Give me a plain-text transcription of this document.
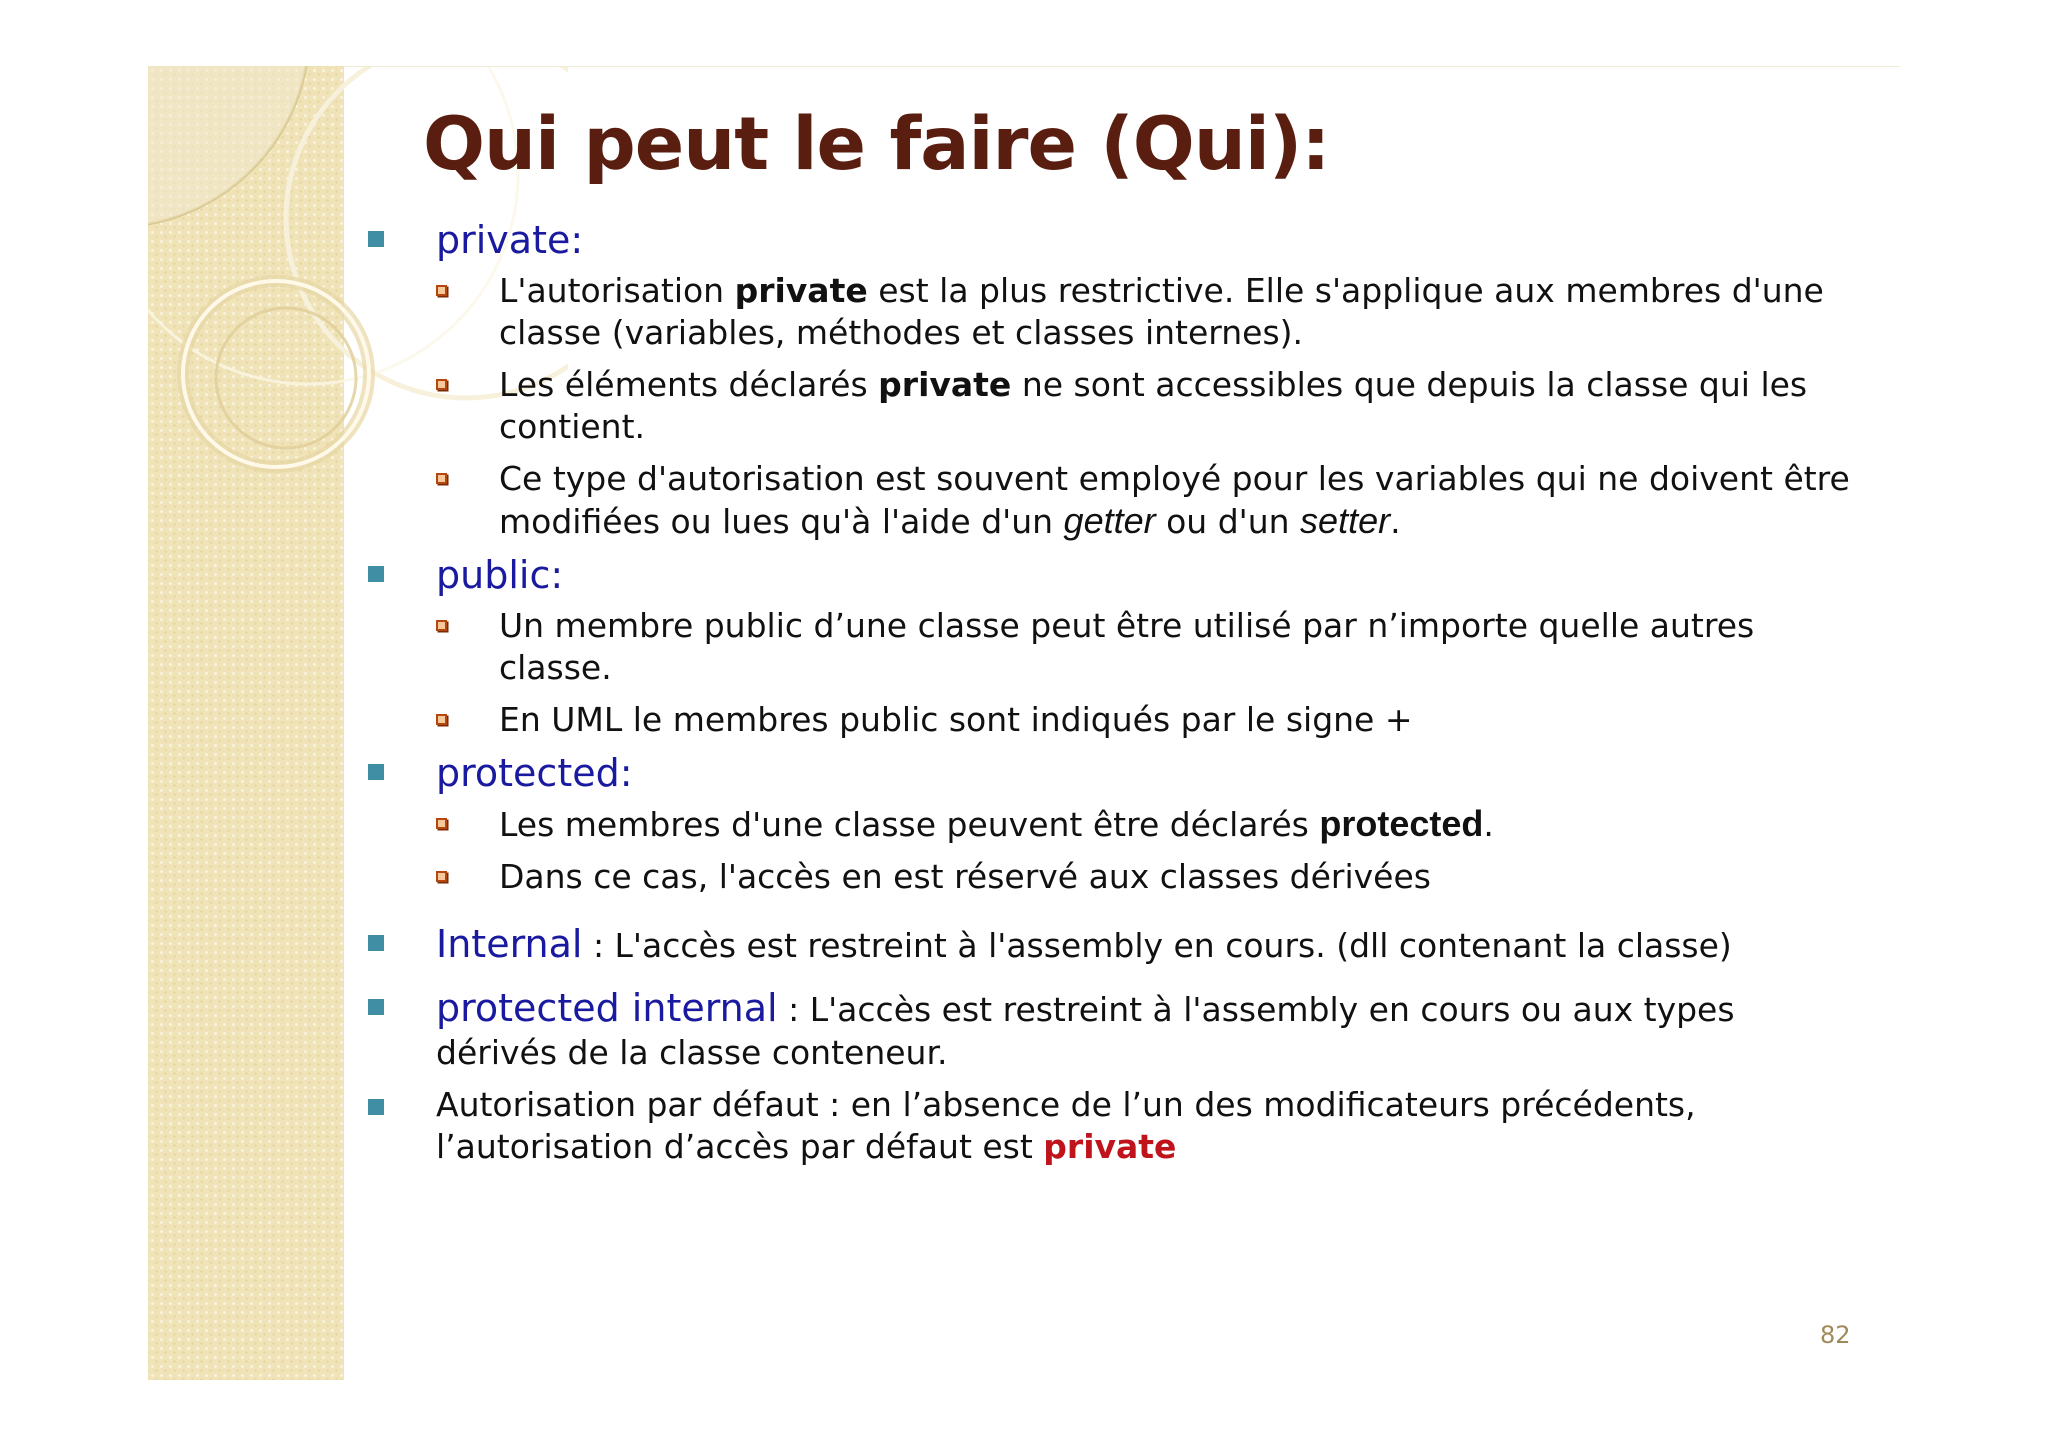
Qui peut le faire (Qui):
private:
L'autorisation private est la plus restrictive. Elle s'applique aux membres d'une classe (variables, méthodes et classes internes).
Les éléments déclarés private ne sont accessibles que depuis la classe qui les contient.
Ce type d'autorisation est souvent employé pour les variables qui ne doivent être modifiées ou lues qu'à l'aide d'un getter ou d'un setter.
public:
Un membre public d’une classe peut être utilisé par n’importe quelle autres classe.
En UML le membres public sont indiqués par le signe +
protected:
Les membres d'une classe peuvent être déclarés protected.
Dans ce cas, l'accès en est réservé aux classes dérivées
Internal : L'accès est restreint à l'assembly en cours. (dll contenant la classe)
protected internal : L'accès est restreint à l'assembly en cours ou aux types dérivés de la classe conteneur.
Autorisation par défaut : en l’absence de l’un des modificateurs précédents, l’autorisation d’accès par défaut est private
82
